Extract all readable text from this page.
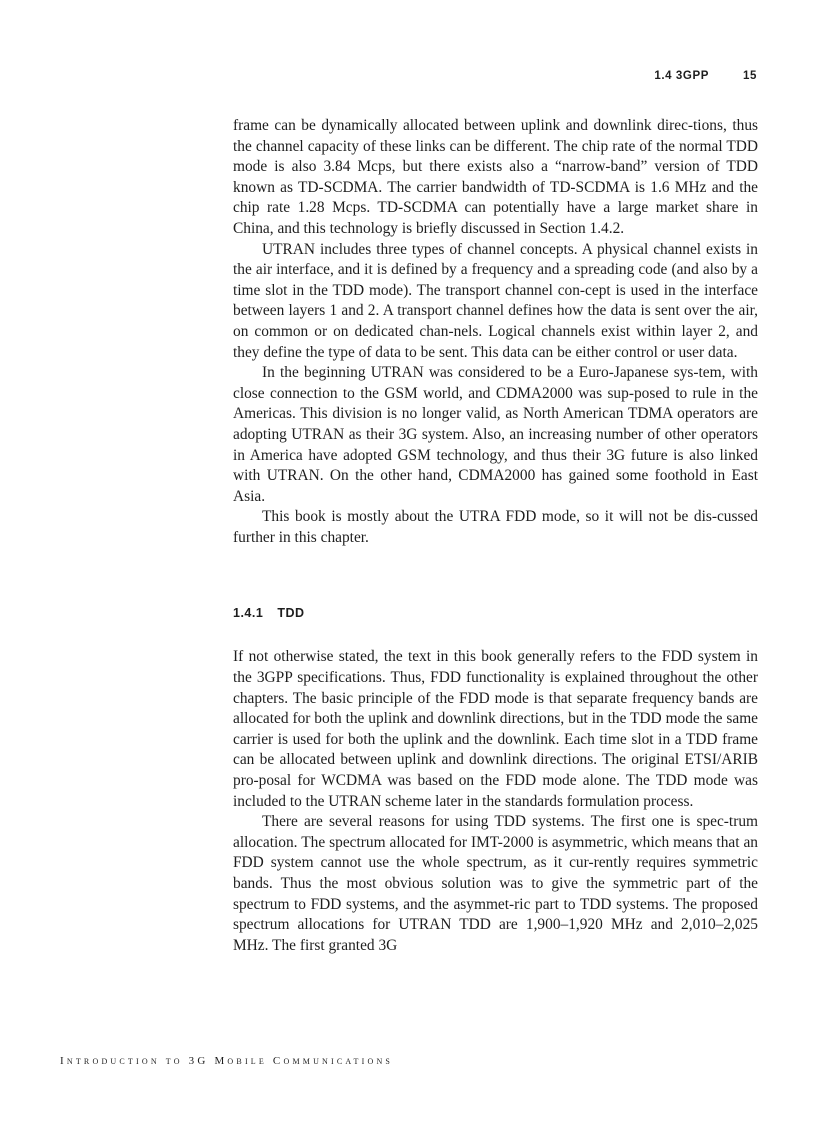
1.4 3GPP	15

frame can be dynamically allocated between uplink and downlink direc-tions, thus the channel capacity of these links can be different. The chip rate of the normal TDD mode is also 3.84 Mcps, but there exists also a “narrow-band” version of TDD known as TD-SCDMA. The carrier bandwidth of TD-SCDMA is 1.6 MHz and the chip rate 1.28 Mcps. TD-SCDMA can potentially have a large market share in China, and this technology is briefly discussed in Section 1.4.2.

UTRAN includes three types of channel concepts. A physical channel exists in the air interface, and it is defined by a frequency and a spreading code (and also by a time slot in the TDD mode). The transport channel con-cept is used in the interface between layers 1 and 2. A transport channel defines how the data is sent over the air, on common or on dedicated chan-nels. Logical channels exist within layer 2, and they define the type of data to be sent. This data can be either control or user data.

In the beginning UTRAN was considered to be a Euro-Japanese sys-tem, with close connection to the GSM world, and CDMA2000 was sup-posed to rule in the Americas. This division is no longer valid, as North American TDMA operators are adopting UTRAN as their 3G system. Also, an increasing number of other operators in America have adopted GSM technology, and thus their 3G future is also linked with UTRAN. On the other hand, CDMA2000 has gained some foothold in East Asia.

This book is mostly about the UTRA FDD mode, so it will not be dis-cussed further in this chapter.

1.4.1 TDD

If not otherwise stated, the text in this book generally refers to the FDD system in the 3GPP specifications. Thus, FDD functionality is explained throughout the other chapters. The basic principle of the FDD mode is that separate frequency bands are allocated for both the uplink and downlink directions, but in the TDD mode the same carrier is used for both the uplink and the downlink. Each time slot in a TDD frame can be allocated between uplink and downlink directions. The original ETSI/ARIB pro-posal for WCDMA was based on the FDD mode alone. The TDD mode was included to the UTRAN scheme later in the standards formulation process.

There are several reasons for using TDD systems. The first one is spec-trum allocation. The spectrum allocated for IMT-2000 is asymmetric, which means that an FDD system cannot use the whole spectrum, as it cur-rently requires symmetric bands. Thus the most obvious solution was to give the symmetric part of the spectrum to FDD systems, and the asymmet-ric part to TDD systems. The proposed spectrum allocations for UTRAN TDD are 1,900–1,920 MHz and 2,010–2,025 MHz. The first granted 3G

Introduction to 3G Mobile Communications
